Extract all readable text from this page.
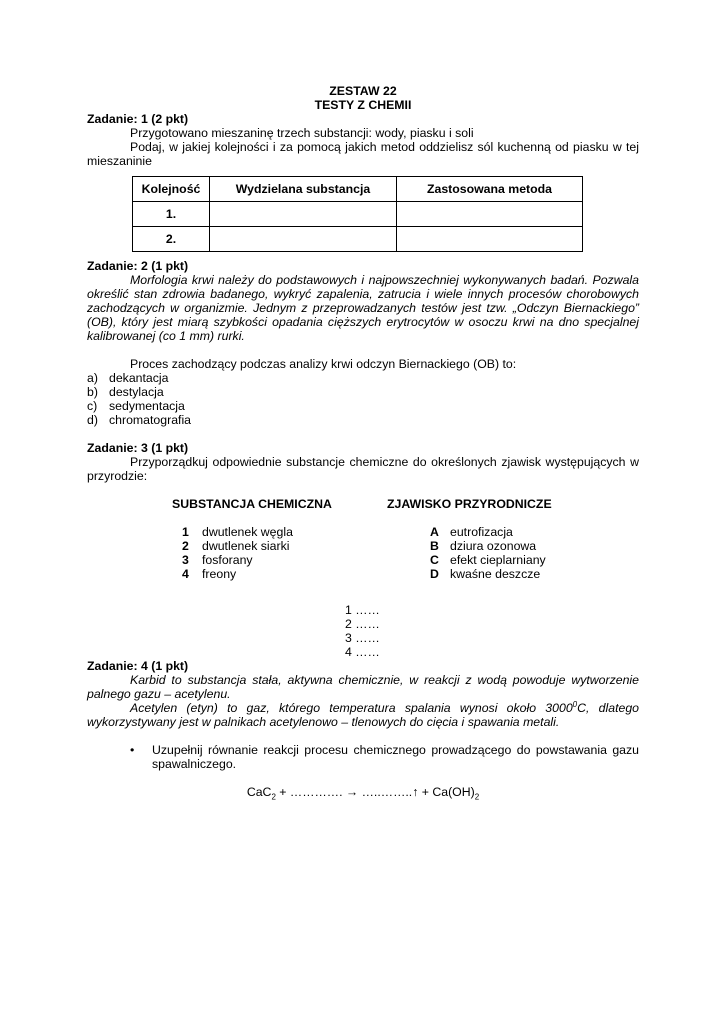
ZESTAW 22
TESTY Z CHEMII
Zadanie: 1 (2 pkt)
Przygotowano mieszaninę trzech substancji: wody, piasku i soli
Podaj, w jakiej kolejności i za pomocą jakich metod oddzielisz sól kuchenną od piasku w tej mieszaninie
Kolejność	Wydzielana substancja	Zastosowana metoda
1.		
2.		
Zadanie: 2 (1 pkt)
Morfologia krwi należy do podstawowych i najpowszechniej wykonywanych badań. Pozwala określić stan zdrowia badanego, wykryć zapalenia, zatrucia i wiele innych procesów chorobowych zachodzących w organizmie. Jednym z przeprowadzanych testów jest tzw. „Odczyn Biernackiego” (OB), który jest miarą szybkości opadania cięższych erytrocytów w osoczu krwi na dno specjalnej kalibrowanej (co 1 mm) rurki.
Proces zachodzący podczas analizy krwi odczyn Biernackiego (OB) to:
a) dekantacja
b) destylacja
c) sedymentacja
d) chromatografia
Zadanie: 3 (1 pkt)
Przyporządkuj odpowiednie substancje chemiczne do określonych zjawisk występujących w przyrodzie:
SUBSTANCJA CHEMICZNA
1	dwutlenek węgla
2	dwutlenek siarki
3	fosforany
4	freony
ZJAWISKO PRZYRODNICZE
A eutrofizacja
B dziura ozonowa
C efekt cieplarniany
D kwaśne deszcze
1 ……
2 ……
3 ……
4 ……
Zadanie: 4 (1 pkt)
Karbid to substancja stała, aktywna chemicznie, w reakcji z wodą powoduje wytworzenie palnego gazu – acetylenu.
Acetylen (etyn) to gaz, którego temperatura spalania wynosi około 3000$^0$C, dlatego wykorzystywany jest w palnikach acetylenowo – tlenowych do cięcia i spawania metali.
•	Uzupełnij równanie reakcji procesu chemicznego prowadzącego do powstawania gazu spawalniczego.
CaC$_2$ + …………. → …..……..↑ + $Ca(OH)_2$
